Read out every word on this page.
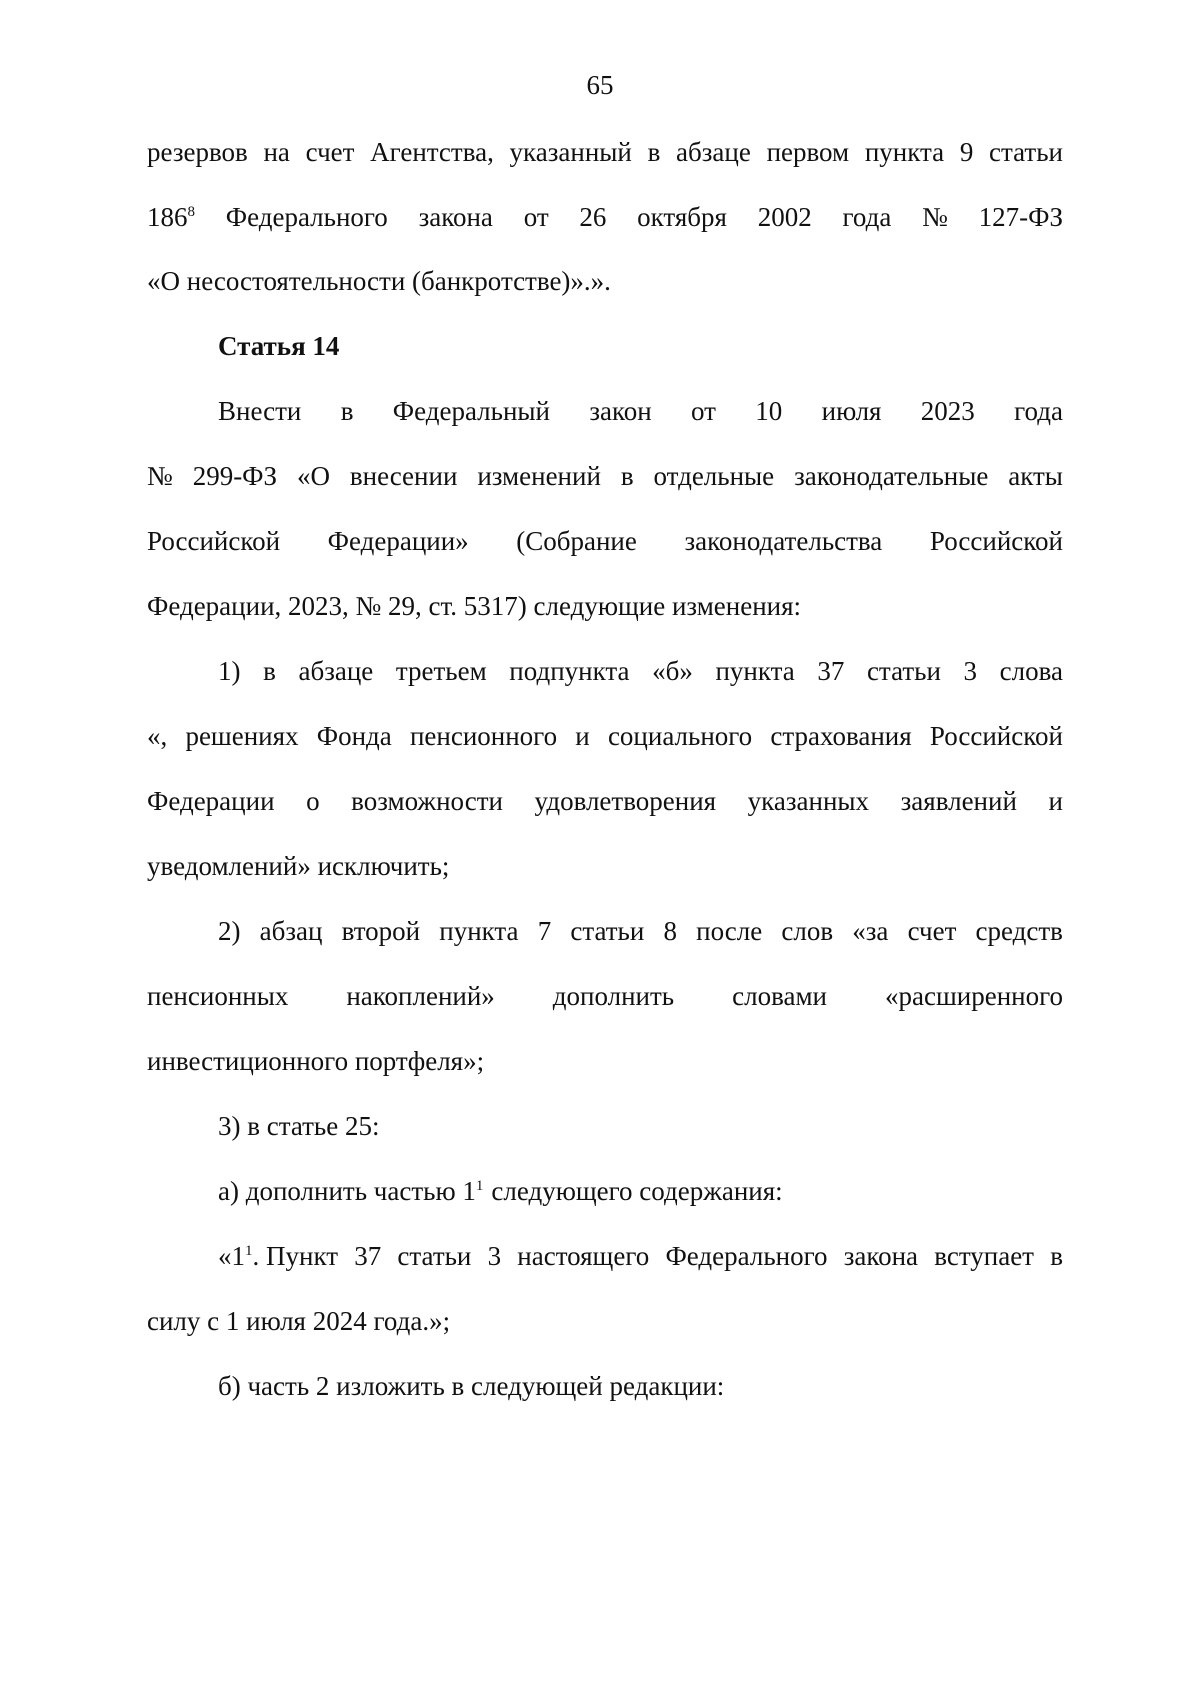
65
резервов на счет Агентства, указанный в абзаце первом пункта 9 статьи
$186^8$ Федерального закона от 26 октября 2002 года № 127-ФЗ
«О несостоятельности (банкротстве)».».
Статья 14
Внести в Федеральный закон от 10 июля 2023 года
№ 299-ФЗ «О внесении изменений в отдельные законодательные акты
Российской Федерации» (Собрание законодательства Российской
Федерации, 2023, № 29, ст. 5317) следующие изменения:
1) в абзаце третьем подпункта «б» пункта 37 статьи 3 слова
«, решениях Фонда пенсионного и социального страхования Российской
Федерации о возможности удовлетворения указанных заявлений и
уведомлений» исключить;
2) абзац второй пункта 7 статьи 8 после слов «за счет средств
пенсионных накоплений» дополнить словами «расширенного
инвестиционного портфеля»;
3) в статье 25:
а) дополнить частью $1^1$ следующего содержания:
«$1^1$. Пункт 37 статьи 3 настоящего Федерального закона вступает в
силу с 1 июля 2024 года.»;
б) часть 2 изложить в следующей редакции:
